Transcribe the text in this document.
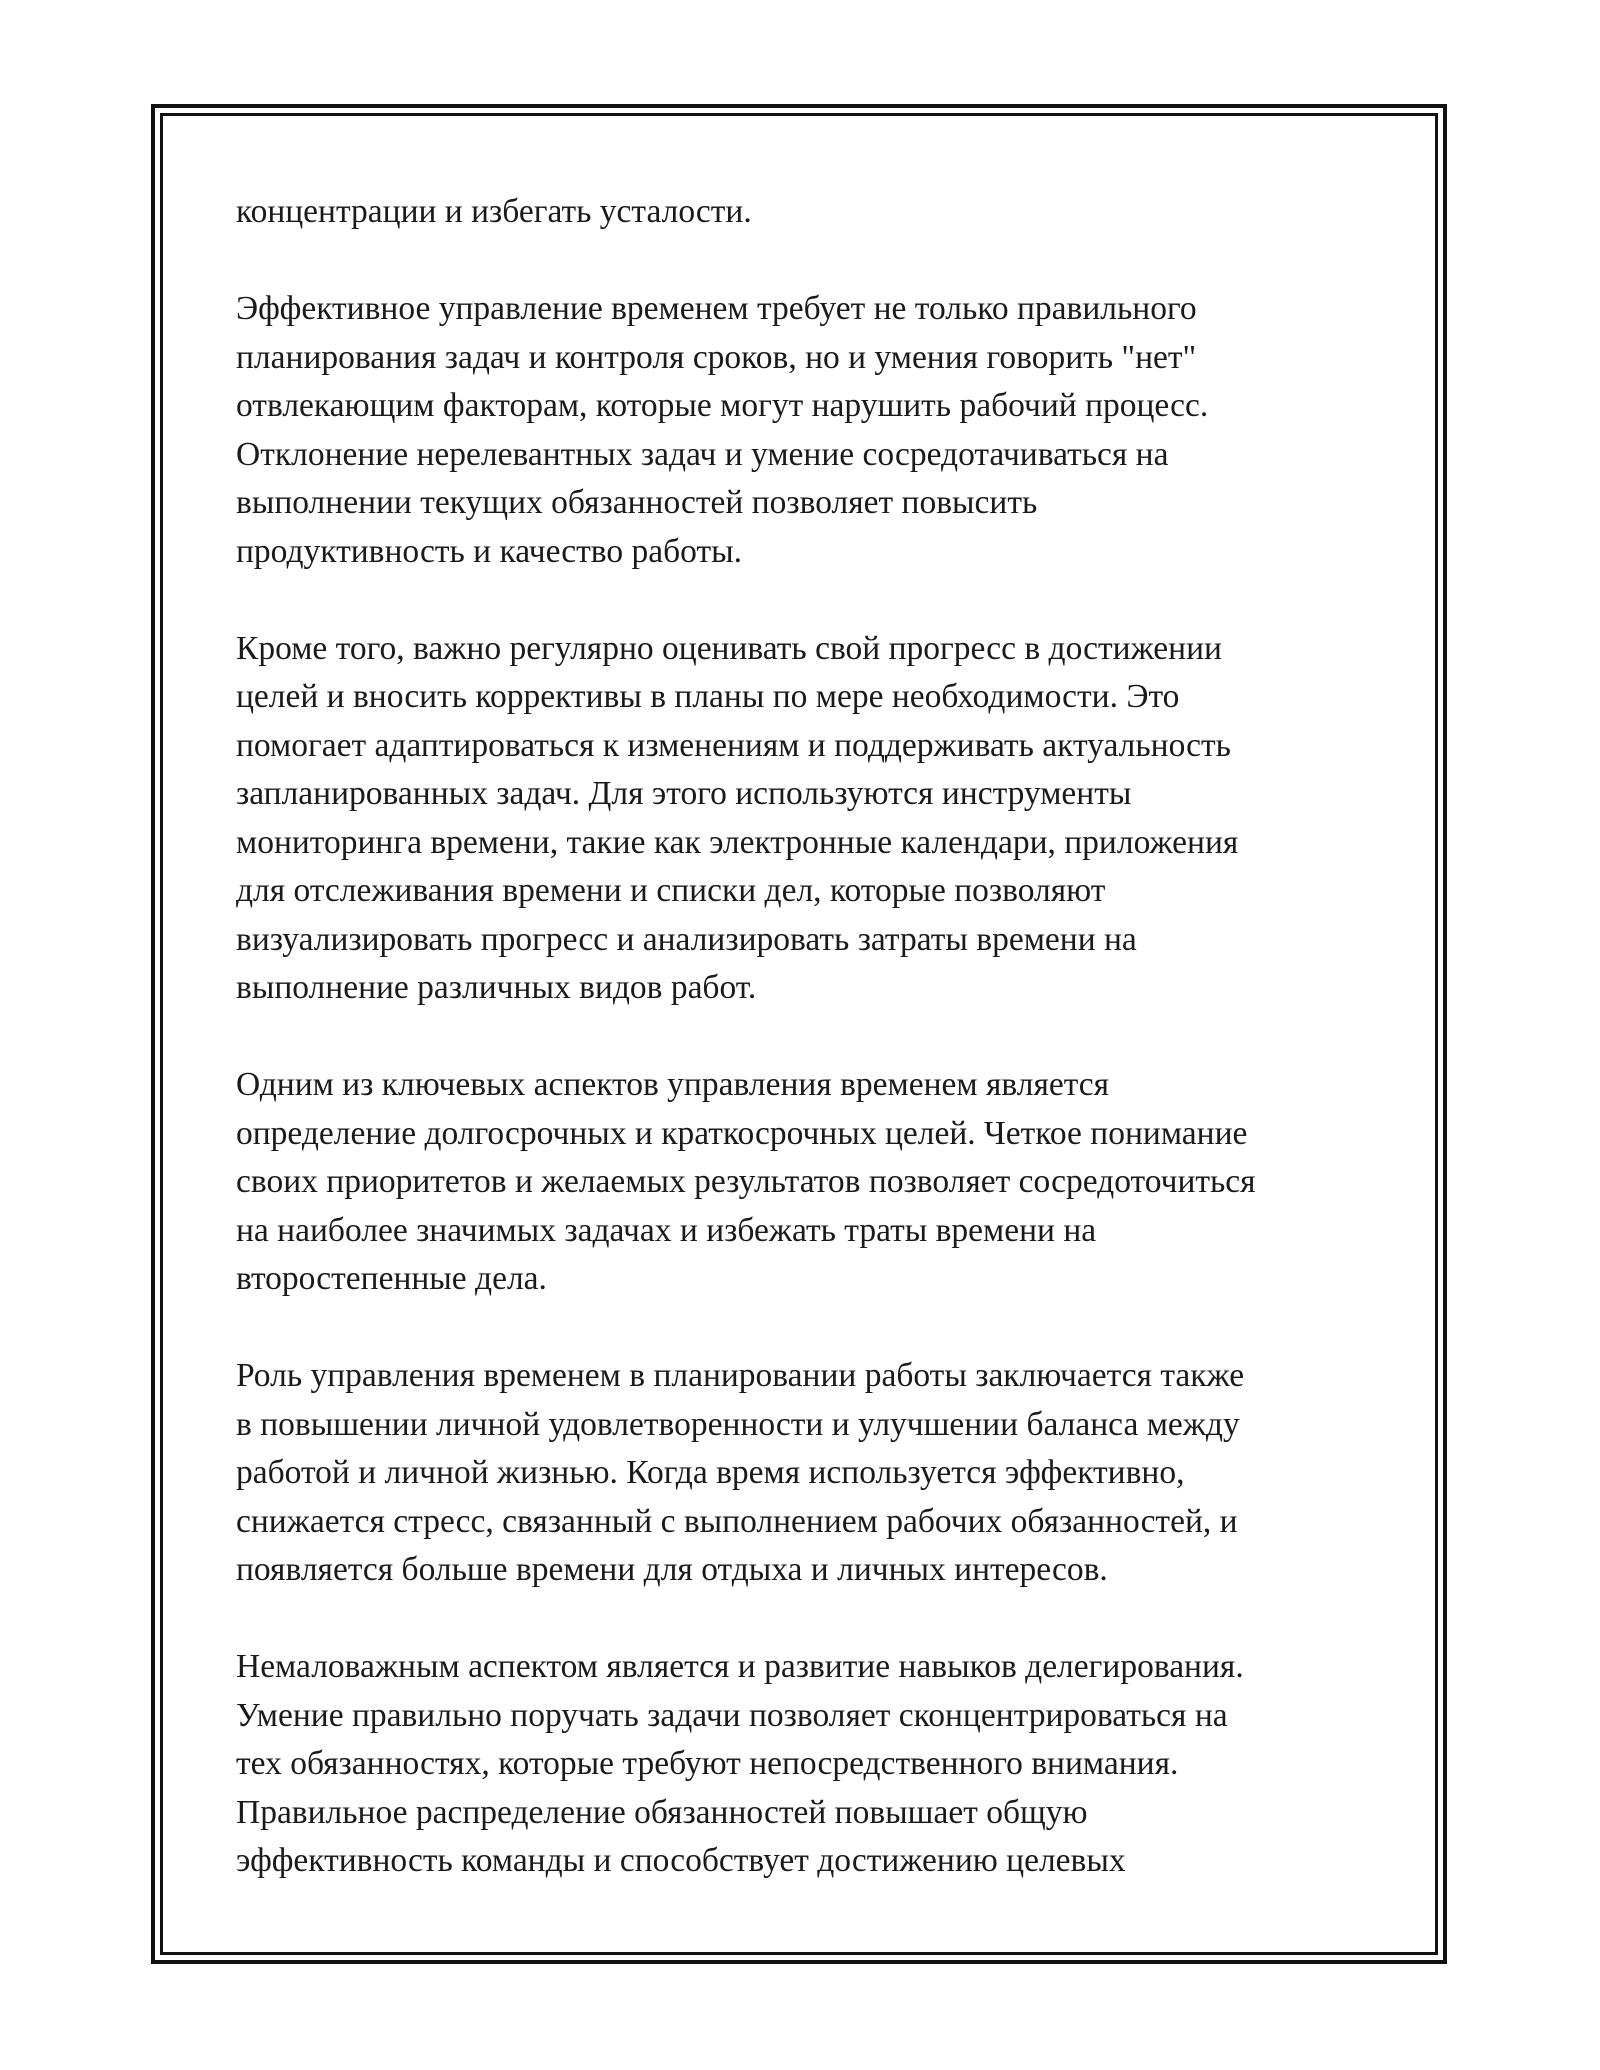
концентрации и избегать усталости.

Эффективное управление временем требует не только правильного
планирования задач и контроля сроков, но и умения говорить "нет"
отвлекающим факторам, которые могут нарушить рабочий процесс.
Отклонение нерелевантных задач и умение сосредотачиваться на
выполнении текущих обязанностей позволяет повысить
продуктивность и качество работы.

Кроме того, важно регулярно оценивать свой прогресс в достижении
целей и вносить коррективы в планы по мере необходимости. Это
помогает адаптироваться к изменениям и поддерживать актуальность
запланированных задач. Для этого используются инструменты
мониторинга времени, такие как электронные календари, приложения
для отслеживания времени и списки дел, которые позволяют
визуализировать прогресс и анализировать затраты времени на
выполнение различных видов работ.

Одним из ключевых аспектов управления временем является
определение долгосрочных и краткосрочных целей. Четкое понимание
своих приоритетов и желаемых результатов позволяет сосредоточиться
на наиболее значимых задачах и избежать траты времени на
второстепенные дела.

Роль управления временем в планировании работы заключается также
в повышении личной удовлетворенности и улучшении баланса между
работой и личной жизнью. Когда время используется эффективно,
снижается стресс, связанный с выполнением рабочих обязанностей, и
появляется больше времени для отдыха и личных интересов.

Немаловажным аспектом является и развитие навыков делегирования.
Умение правильно поручать задачи позволяет сконцентрироваться на
тех обязанностях, которые требуют непосредственного внимания.
Правильное распределение обязанностей повышает общую
эффективность команды и способствует достижению целевых
